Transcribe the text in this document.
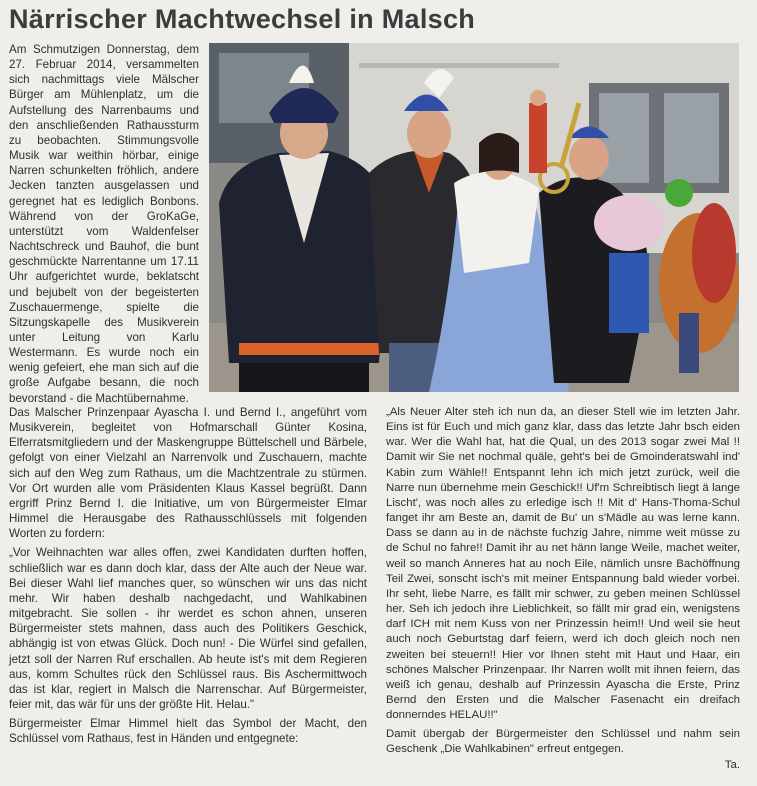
Närrischer Machtwechsel in Malsch

Am Schmutzigen Donnerstag, dem 27. Februar 2014, versammelten sich nachmittags viele Mälscher Bürger am Mühlenplatz, um die Aufstellung des Narrenbaums und den anschließenden Rathaussturm zu beobachten. Stimmungsvolle Musik war weithin hörbar, einige Narren schunkelten fröhlich, andere Jecken tanzten ausgelassen und geregnet hat es lediglich Bonbons. Während von der GroKaGe, unterstützt vom Waldenfelser Nachtschreck und Bauhof, die bunt geschmückte Narrentanne um 17.11 Uhr aufgerichtet wurde, beklatscht und bejubelt von der begeisterten Zuschauermenge, spielte die Sitzungskapelle des Musikverein unter Leitung von Karlu Westermann. Es wurde noch ein wenig gefeiert, ehe man sich auf die große Aufgabe besann, die noch bevorstand - die Machtübernahme.

Das Malscher Prinzenpaar Ayascha I. und Bernd I., angeführt vom Musikverein, begleitet von Hofmarschall Günter Kosina, Elferratsmitgliedern und der Maskengruppe Büttelschell und Bärbele, gefolgt von einer Vielzahl an Narrenvolk und Zuschauern, machte sich auf den Weg zum Rathaus, um die Machtzentrale zu stürmen. Vor Ort wurden alle vom Präsidenten Klaus Kassel begrüßt. Dann ergriff Prinz Bernd I. die Initiative, um von Bürgermeister Elmar Himmel die Herausgabe des Rathausschlüssels mit folgenden Worten zu fordern:
„Vor Weihnachten war alles offen, zwei Kandidaten durften hoffen, schließlich war es dann doch klar, dass der Alte auch der Neue war. Bei dieser Wahl lief manches quer, so wünschen wir uns das nicht mehr. Wir haben deshalb nachgedacht, und Wahlkabinen mitgebracht. Sie sollen - ihr werdet es schon ahnen, unseren Bürgermeister stets mahnen, dass auch des Politikers Geschick, abhängig ist von etwas Glück. Doch nun! - Die Würfel sind gefallen, jetzt soll der Narren Ruf erschallen. Ab heute ist's mit dem Regieren aus, komm Schultes rück den Schlüssel raus. Bis Aschermittwoch das ist klar, regiert in Malsch die Narrenschar. Auf Bürgermeister, feier mit, das wär für uns der größte Hit. Helau."
Bürgermeister Elmar Himmel hielt das Symbol der Macht, den Schlüssel vom Rathaus, fest in Händen und entgegnete:
„Als Neuer Alter steh ich nun da, an dieser Stell wie im letzten Jahr. Eins ist für Euch und mich ganz klar, dass das letzte Jahr bsch eiden war. Wer die Wahl hat, hat die Qual, un des 2013 sogar zwei Mal !! Damit wir Sie net nochmal quäle, geht's bei de Gmoinderatswahl ind' Kabin zum Wähle!! Entspannt lehn ich mich jetzt zurück, weil die Narre nun übernehme mein Geschick!! Uf'm Schreibtisch liegt ä lange Lischt', was noch alles zu erledige isch !! Mit d' Hans-Thoma-Schul fanget ihr am Beste an, damit de Bu' un s'Mädle au was lerne kann. Dass se dann au in de nächste fuchzig Jahre, nimme weit müsse zu de Schul no fahre!! Damit ihr au net hänn lange Weile, machet weiter, weil so manch Anneres hat au noch Eile, nämlich unsre Bachöffnung Teil Zwei, sonscht isch's mit meiner Entspannung bald wieder vorbei. Ihr seht, liebe Narre, es fällt mir schwer, zu geben meinen Schlüssel her. Seh ich jedoch ihre Lieblichkeit, so fällt mir grad ein, wenigstens darf ICH mit nem Kuss von ner Prinzessin heim!! Und weil sie heut auch noch Geburtstag darf feiern, werd ich doch gleich noch nen zweiten bei steuern!! Hier vor Ihnen steht mit Haut und Haar, ein schönes Malscher Prinzenpaar. Ihr Narren wollt mit ihnen feiern, das weiß ich genau, deshalb auf Prinzessin Ayascha die Erste, Prinz Bernd den Ersten und die Malscher Fasenacht ein dreifach donnerndes HELAU!!"
Damit übergab der Bürgermeister den Schlüssel und nahm sein Geschenk „Die Wahlkabinen" erfreut entgegen.
Ta.
